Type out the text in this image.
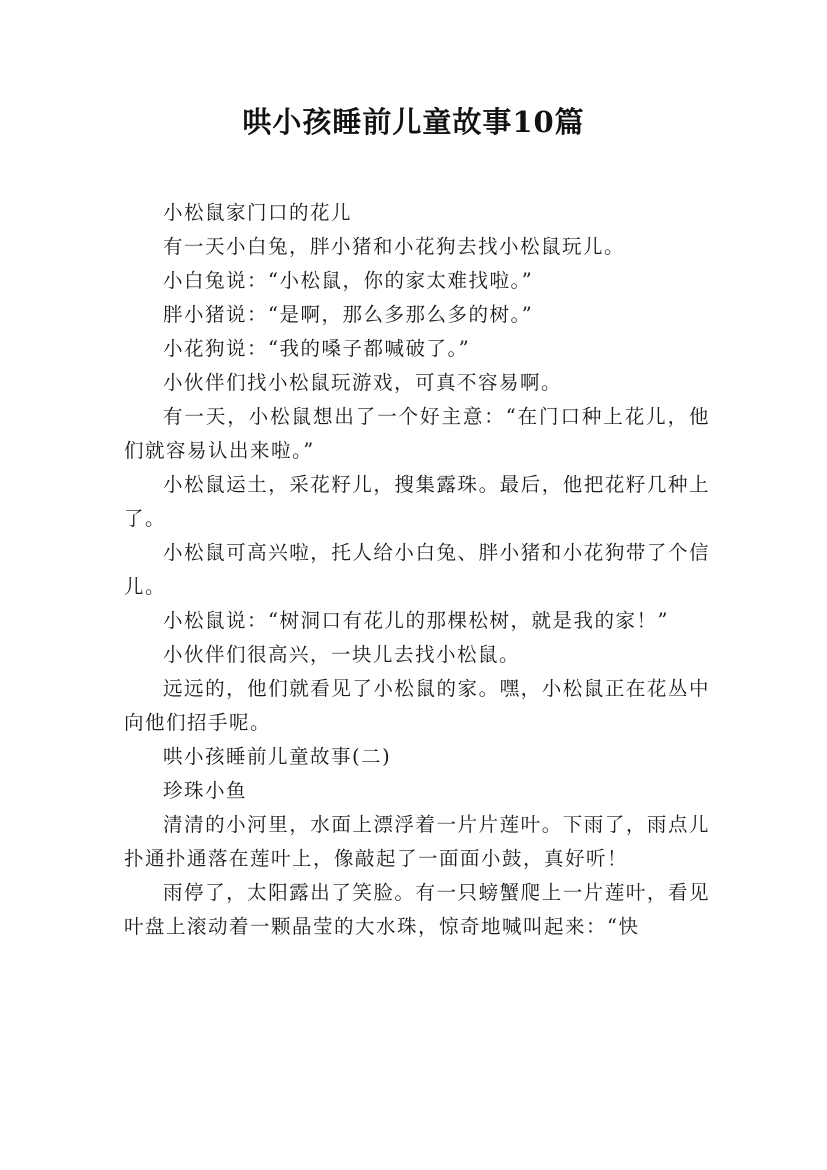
哄小孩睡前儿童故事10篇

小松鼠家门口的花儿

有一天小白兔，胖小猪和小花狗去找小松鼠玩儿。

小白兔说：“小松鼠，你的家太难找啦。”

胖小猪说：“是啊，那么多那么多的树。”

小花狗说：“我的嗓子都喊破了。”

小伙伴们找小松鼠玩游戏，可真不容易啊。

有一天，小松鼠想出了一个好主意：“在门口种上花儿，他们就容易认出来啦。”

小松鼠运土，采花籽儿，搜集露珠。最后，他把花籽几种上了。

小松鼠可高兴啦，托人给小白兔、胖小猪和小花狗带了个信儿。

小松鼠说：“树洞口有花儿的那棵松树，就是我的家！”

小伙伴们很高兴，一块儿去找小松鼠。

远远的，他们就看见了小松鼠的家。嘿，小松鼠正在花丛中向他们招手呢。

哄小孩睡前儿童故事(二)

珍珠小鱼

清清的小河里，水面上漂浮着一片片莲叶。下雨了，雨点儿扑通扑通落在莲叶上，像敲起了一面面小鼓，真好听！

雨停了，太阳露出了笑脸。有一只螃蟹爬上一片莲叶，看见叶盘上滚动着一颗晶莹的大水珠，惊奇地喊叫起来：“快
